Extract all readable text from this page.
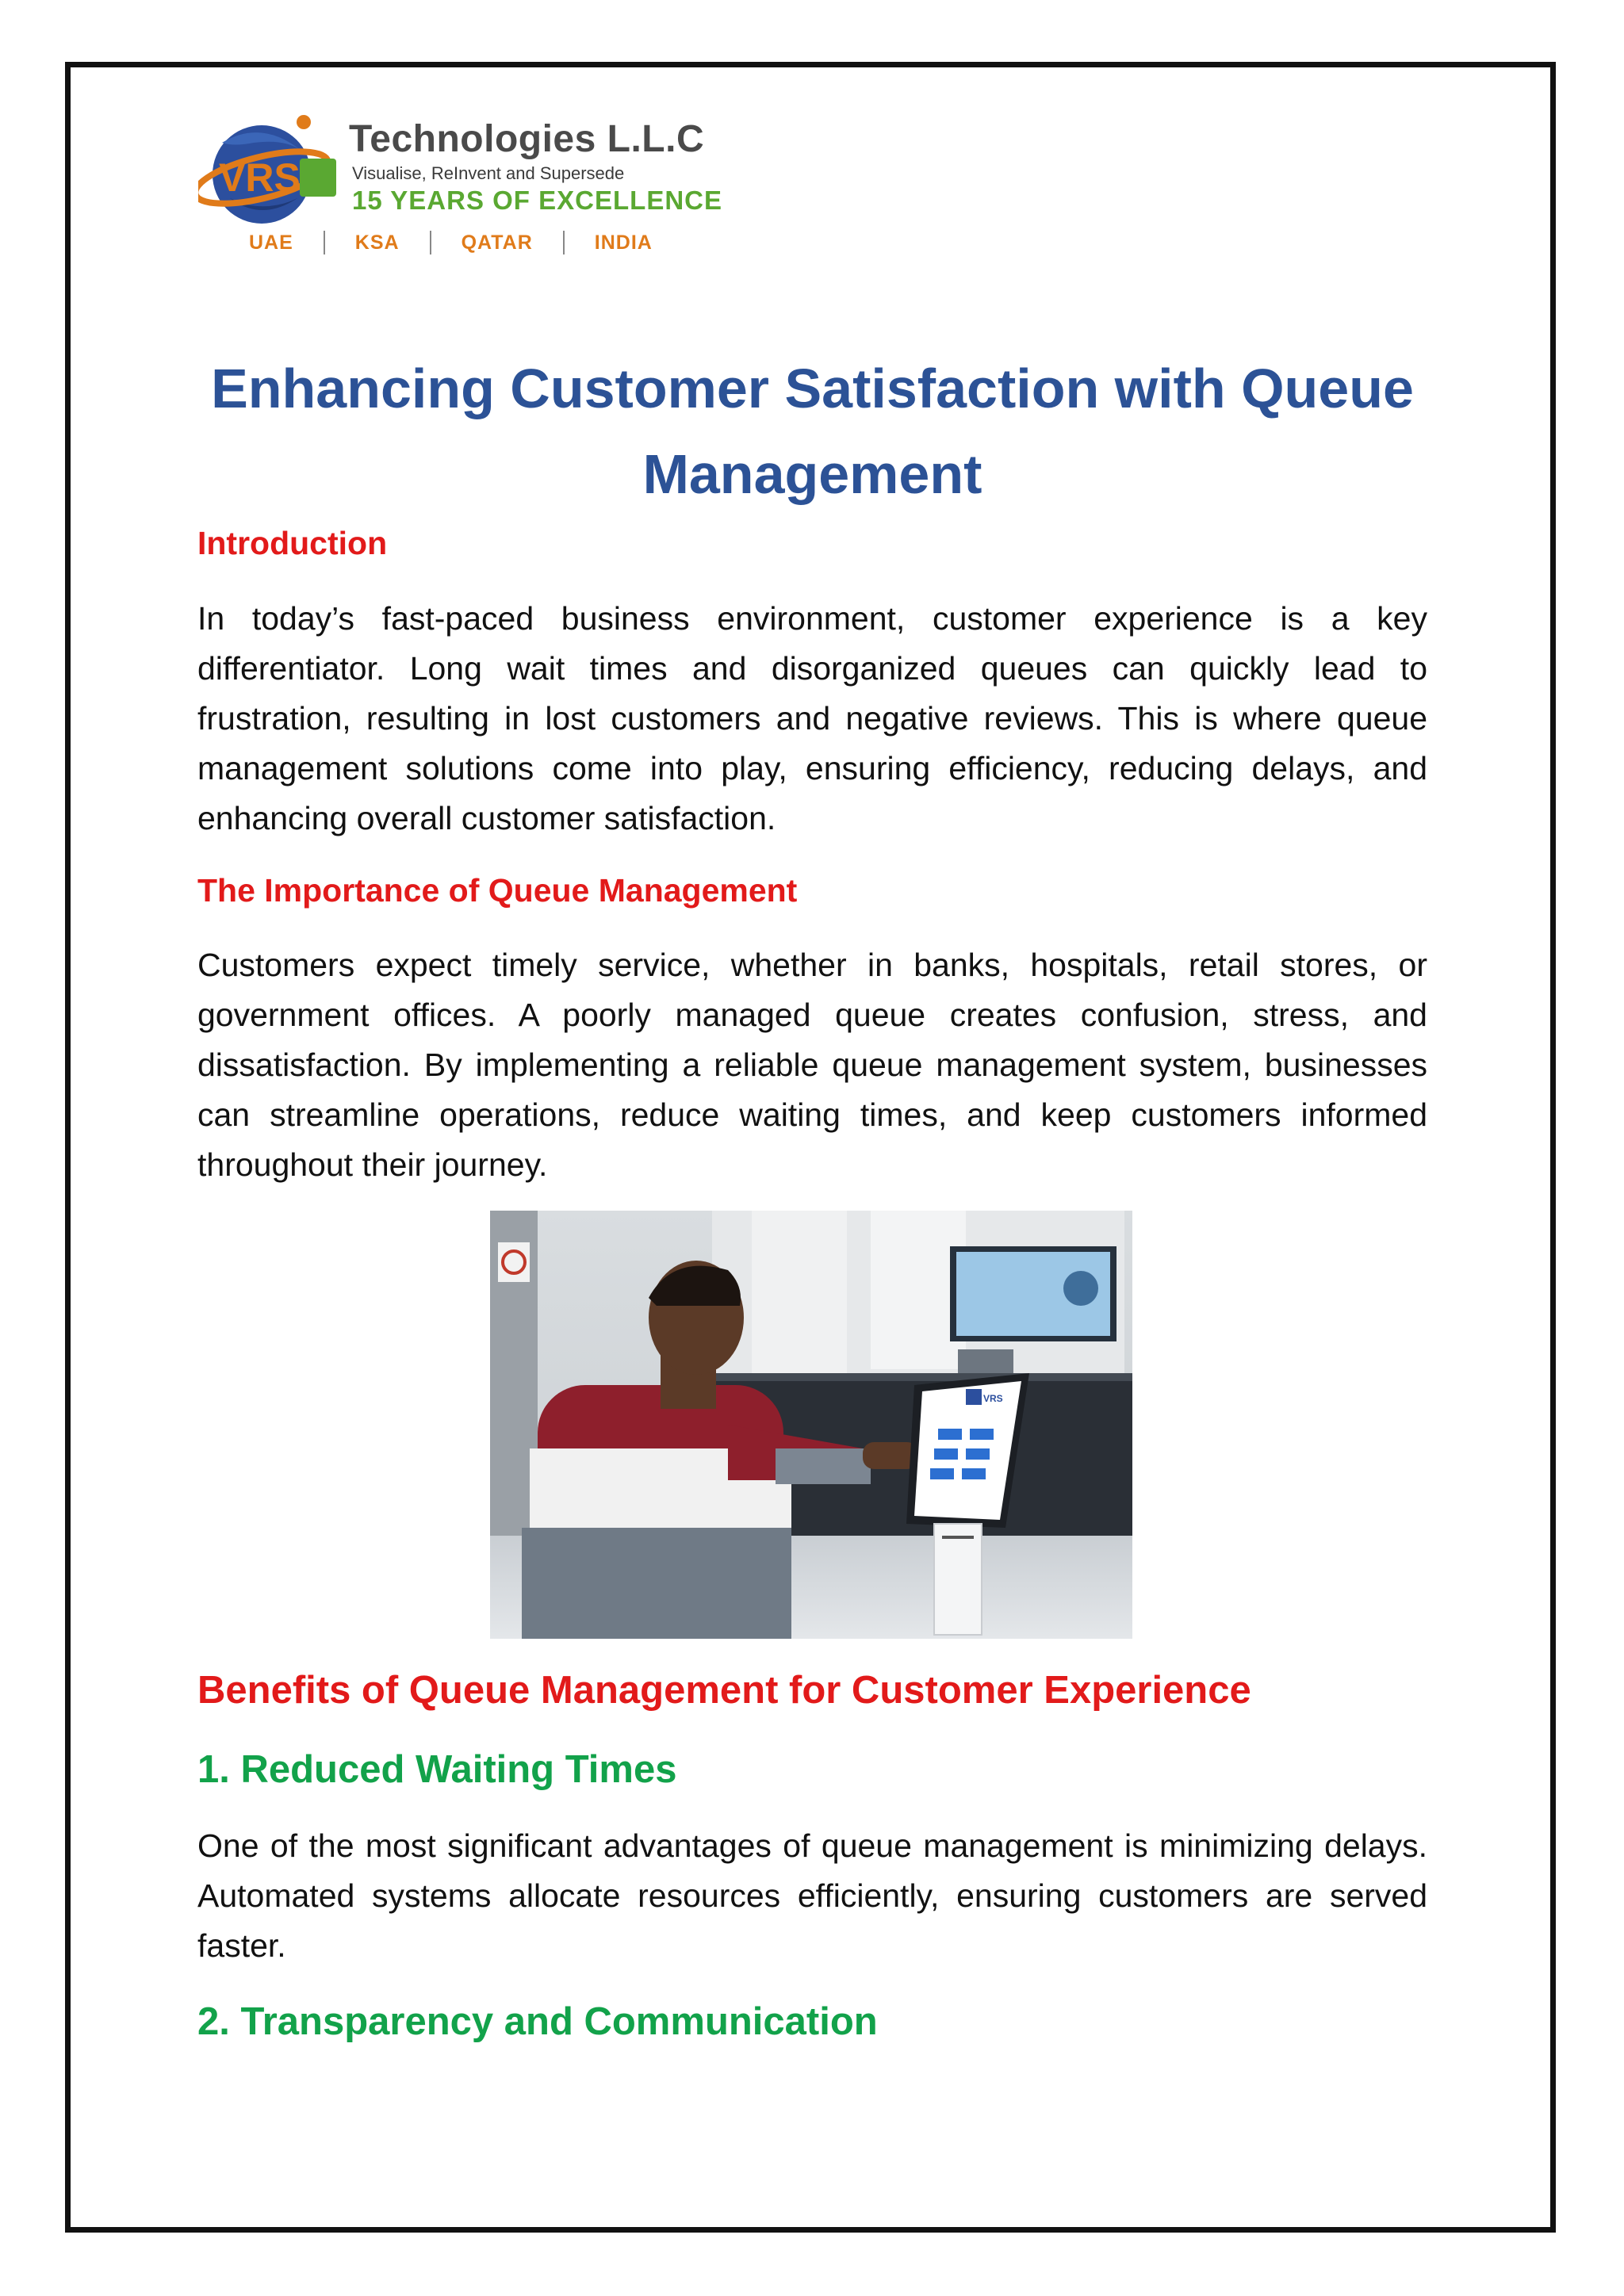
VRS
Technologies L.L.C
Visualise, ReInvent and Supersede
15 YEARS OF EXCELLENCE
UAE	KSA	QATAR	INDIA
Enhancing Customer Satisfaction with Queue Management
Introduction

In today’s fast-paced business environment, customer experience is a key differentiator. Long wait times and disorganized queues can quickly lead to frustration, resulting in lost customers and negative reviews. This is where queue management solutions come into play, ensuring efficiency, reducing delays, and enhancing overall customer satisfaction.

The Importance of Queue Management

Customers expect timely service, whether in banks, hospitals, retail stores, or government offices. A poorly managed queue creates confusion, stress, and dissatisfaction. By implementing a reliable queue management system, businesses can streamline operations, reduce waiting times, and keep customers informed throughout their journey.

VRS
Benefits of Queue Management for Customer Experience
1. Reduced Waiting Times

One of the most significant advantages of queue management is minimizing delays. Automated systems allocate resources efficiently, ensuring customers are served faster.

2. Transparency and Communication
